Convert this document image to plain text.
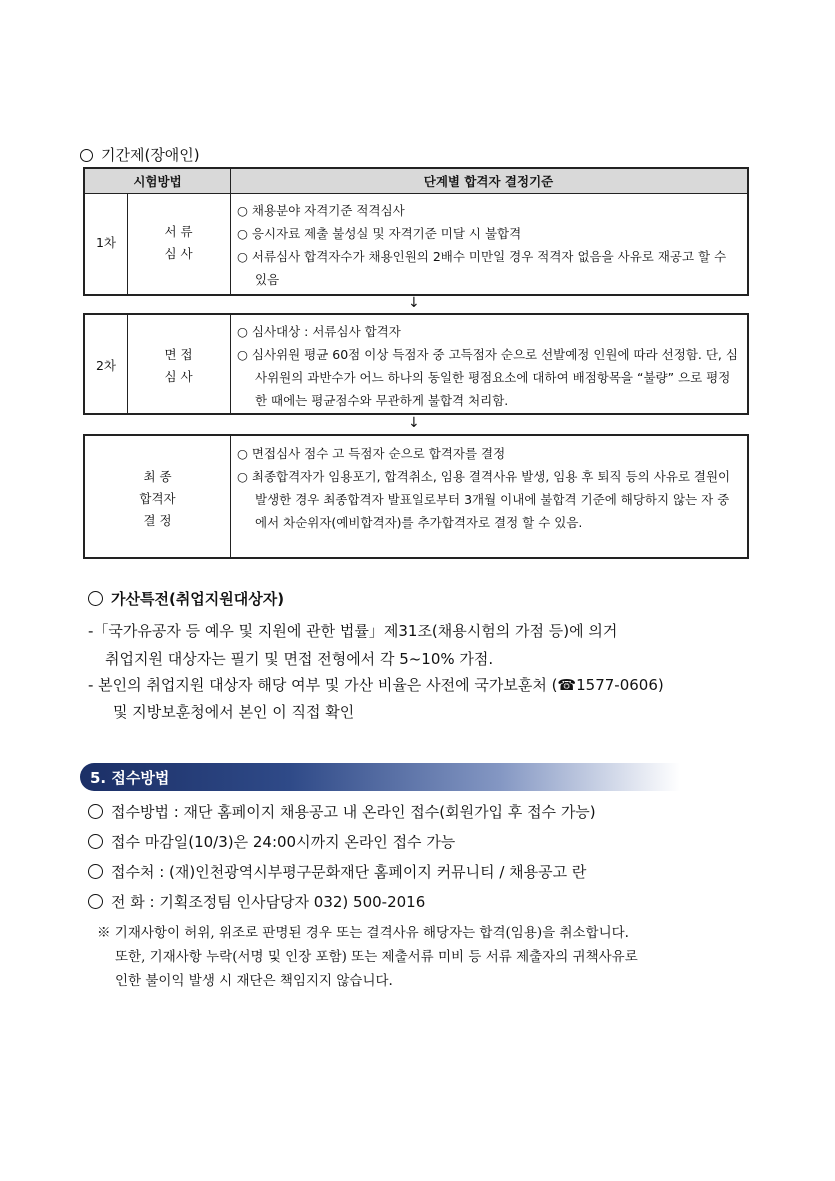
기간제(장애인)
시험방법	단계별 합격자 결정기준
1차
서 류
심 사
○ 채용분야 자격기준 적격심사
○ 응시자료 제출 불성실 및 자격기준 미달 시 불합격
○ 서류심사 합격자수가 채용인원의 2배수 미만일 경우 적격자 없음을 사유로 재공고 할 수 있음
↓
2차
면 접
심 사
○ 심사대상 : 서류심사 합격자
○ 심사위원 평균 60점 이상 득점자 중 고득점자 순으로 선발예정 인원에 따라 선정함. 단, 심사위원의 과반수가 어느 하나의 동일한 평점요소에 대하여 배점항목을 “불량” 으로 평정한 때에는 평균점수와 무관하게 불합격 처리함.
↓
최 종
합격자
결 정
○ 면접심사 점수 고 득점자 순으로 합격자를 결정
○ 최종합격자가 임용포기, 합격취소, 임용 결격사유 발생, 임용 후 퇴직 등의 사유로 결원이 발생한 경우 최종합격자 발표일로부터 3개월 이내에 불합격 기준에 해당하지 않는 자 중에서 차순위자(예비합격자)를 추가합격자로 결정 할 수 있음.
가산특전(취업지원대상자)
-「국가유공자 등 예우 및 지원에 관한 법률」제31조(채용시험의 가점 등)에 의거
취업지원 대상자는 필기 및 면접 전형에서 각 5~10% 가점.
- 본인의 취업지원 대상자 해당 여부 및 가산 비율은 사전에 국가보훈처 (☎1577-0606)
및 지방보훈청에서 본인 이 직접 확인
5. 접수방법
접수방법 : 재단 홈페이지 채용공고 내 온라인 접수(회원가입 후 접수 가능)
접수 마감일(10/3)은 24:00시까지 온라인 접수 가능
접수처 : (재)인천광역시부평구문화재단 홈페이지 커뮤니티 / 채용공고 란
전 화 : 기획조정팀 인사담당자 032) 500-2016
※ 기재사항이 허위, 위조로 판명된 경우 또는 결격사유 해당자는 합격(임용)을 취소합니다.
또한, 기재사항 누락(서명 및 인장 포함) 또는 제출서류 미비 등 서류 제출자의 귀책사유로
인한 불이익 발생 시 재단은 책임지지 않습니다.
